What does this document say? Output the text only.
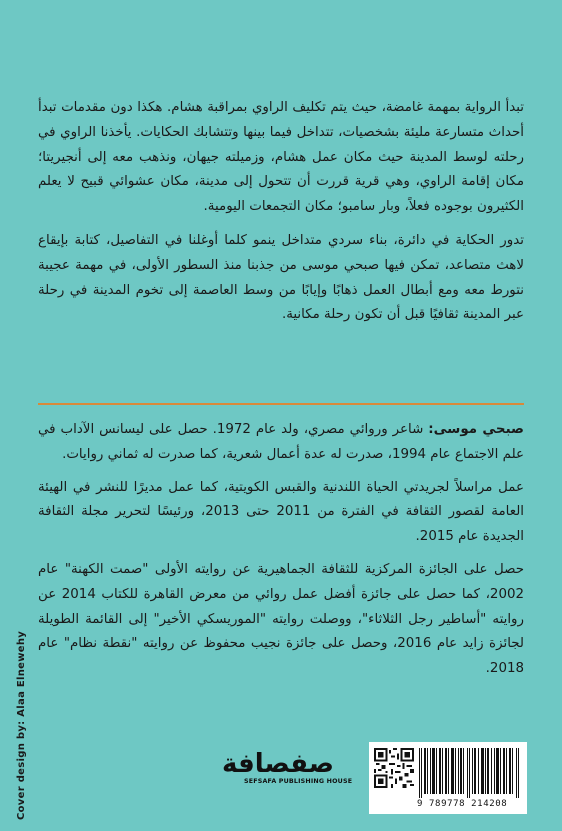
تبدأ الرواية بمهمة غامضة، حيث يتم تكليف الراوي بمراقبة هشام. هكذا دون مقدمات تبدأ أحداث متسارعة مليئة بشخصيات، تتداخل فيما بينها وتتشابك الحكايات. يأخذنا الراوي في رحلته لوسط المدينة حيث مكان عمل هشام، وزميلته جيهان، ونذهب معه إلى أنجيريتا؛ مكان إقامة الراوي، وهي قرية قررت أن تتحول إلى مدينة، مكان عشوائي قبيح لا يعلم الكثيرون بوجوده فعلاً، وبار سامبو؛ مكان التجمعات اليومية.

تدور الحكاية في دائرة، بناء سردي متداخل ينمو كلما أوغلنا في التفاصيل، كتابة بإيقاع لاهث متصاعد، تمكن فيها صبحي موسى من جذبنا منذ السطور الأولى، في مهمة عجيبة نتورط معه ومع أبطال العمل ذهابًا وإيابًا من وسط العاصمة إلى تخوم المدينة في رحلة عبر المدينة ثقافيًا قبل أن تكون رحلة مكانية.

صبحي موسى: شاعر وروائي مصري، ولد عام 1972. حصل على ليسانس الآداب في علم الاجتماع عام 1994، صدرت له عدة أعمال شعرية، كما صدرت له ثماني روايات.

عمل مراسلاً لجريدتي الحياة اللندنية والقبس الكويتية، كما عمل مديرًا للنشر في الهيئة العامة لقصور الثقافة في الفترة من 2011 حتى 2013، ورئيسًا لتحرير مجلة الثقافة الجديدة عام 2015.

حصل على الجائزة المركزية للثقافة الجماهيرية عن روايته الأولى "صمت الكهنة" عام 2002، كما حصل على جائزة أفضل عمل روائي من معرض القاهرة للكتاب 2014 عن روايته "أساطير رجل الثلاثاء"، ووصلت روايته "الموريسكي الأخير" إلى القائمة الطويلة لجائزة زايد عام 2016، وحصل على جائزة نجيب محفوظ عن روايته "نقطة نظام" عام 2018.

Cover design by: Alaa Elnewehy	صفصافة
SEFSAFA PUBLISHING HOUSE
9 789778 214208
